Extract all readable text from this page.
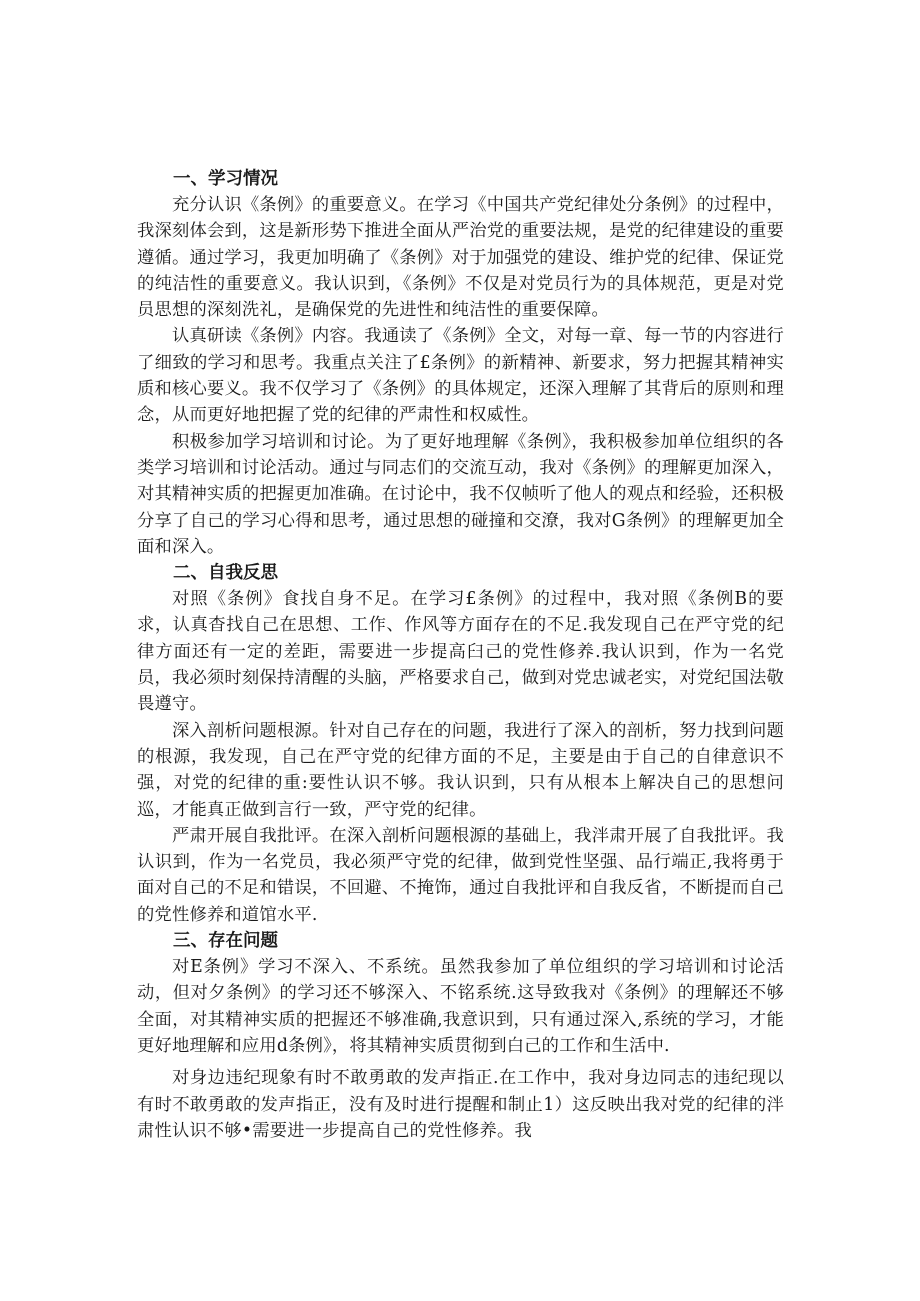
一、学习情况

充分认识《条例》的重要意义。在学习《中国共产党纪律处分条例》的过程中，我深刻体会到，这是新形势下推进全面从严治党的重要法规，是党的纪律建设的重要遵循。通过学习，我更加明确了《条例》对于加强党的建设、维护党的纪律、保证党的纯洁性的重要意义。我认识到，《条例》不仅是对党员行为的具体规范，更是对党员思想的深刻洗礼，是确保党的先进性和纯洁性的重要保障。

认真研读《条例》内容。我通读了《条例》全文，对每一章、每一节的内容进行了细致的学习和思考。我重点关注了£条例》的新精神、新要求，努力把握其精神实质和核心要义。我不仅学习了《条例》的具体规定，还深入理解了其背后的原则和理念，从而更好地把握了党的纪律的严肃性和权威性。

积极参加学习培训和讨论。为了更好地理解《条例》，我积极参加单位组织的各类学习培训和讨论活动。通过与同志们的交流互动，我对《条例》的理解更加深入，对其精神实质的把握更加准确。在讨论中，我不仅帧听了他人的观点和经验，还积极分享了自己的学习心得和思考，通过思想的碰撞和交潦，我对G条例》的理解更加全面和深入。

二、自我反思

对照《条例》食找自身不足。在学习£条例》的过程中，我对照《条例B的要求，认真杳找自己在思想、工作、作风等方面存在的不足.我发现自己在严守党的纪律方面还有一定的差距，需要进一步提高臼己的党性修养.我认识到，作为一名党员，我必须时刻保持清醒的头脑，严格要求自己，做到对党忠诚老实，对党纪国法敬畏遵守。

深入剖析问题根源。针对自己存在的问题，我进行了深入的剖析，努力找到问题的根源，我发现，自己在严守党的纪律方面的不足，主要是由于自己的自律意识不强，对党的纪律的重:要性认识不够。我认识到，只有从根本上解决自己的思想问巡，才能真正做到言行一致，严守党的纪律。

严肃开展自我批评。在深入剖析问题根源的基础上，我泮肃开展了自我批评。我认识到，作为一名党员，我必须严守党的纪律，做到党性坚强、品行端正,我将勇于面对自己的不足和错误，不回避、不掩饰，通过自我批评和自我反省，不断提而自己的党性修养和道馆水平.

三、存在问题

对E条例》学习不深入、不系统。虽然我参加了单位组织的学习培训和讨论活动，但对夕条例》的学习还不够深入、不铭系统.这导致我对《条例》的理解还不够全面，对其精神实质的把握还不够准确,我意识到，只有通过深入,系统的学习，才能更好地理解和应用d条例》，将其精神实质贯彻到白己的工作和生活中.

对身边违纪现象有时不敢勇敢的发声指正.在工作中，我对身边同志的违纪现以有时不敢勇敢的发声指正，没有及时进行提醒和制止1）这反映出我对党的纪律的泮肃性认识不够•需要进一步提高自己的党性修养。我
